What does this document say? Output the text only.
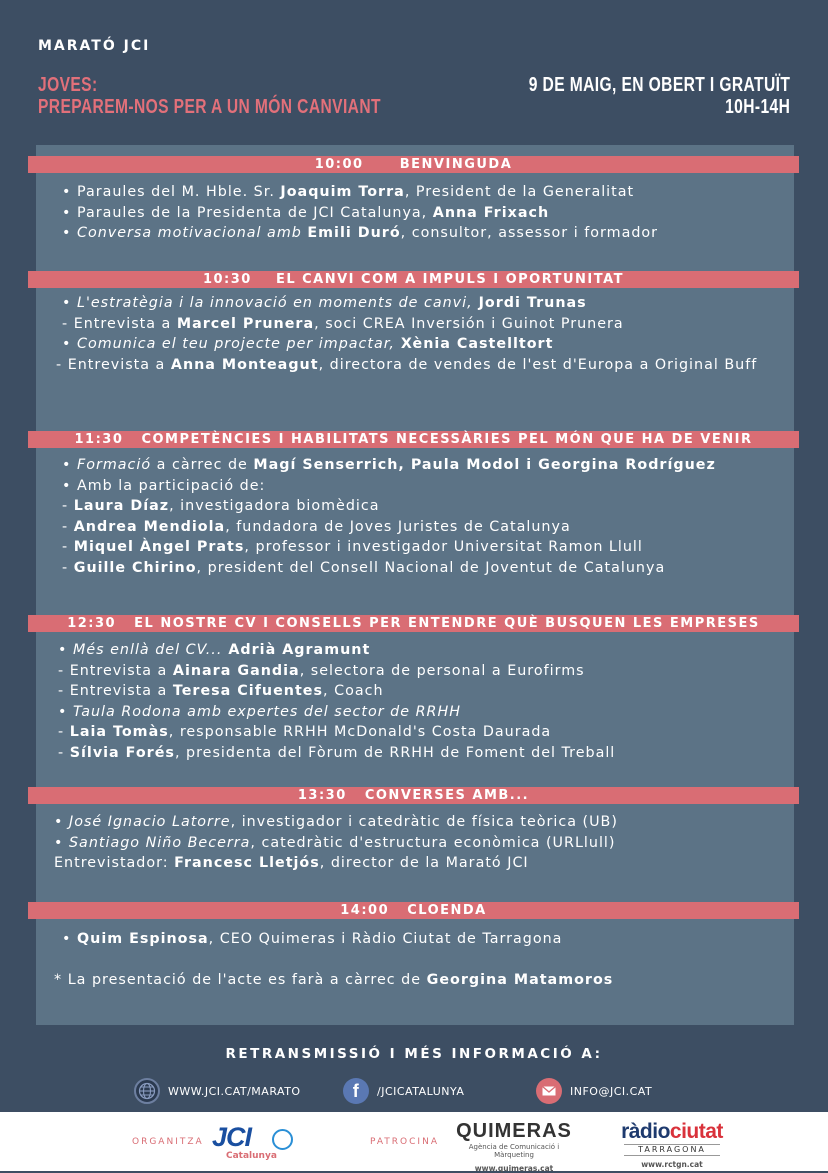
MARATÓ JCI
JOVES:
PREPAREM-NOS PER A UN MÓN CANVIANT
9 DE MAIG, EN OBERT I GRATUÏT
10H-14H
10:00	BENVINGUDA

• Paraules del M. Hble. Sr. Joaquim Torra, President de la Generalitat

• Paraules de la Presidenta de JCI Catalunya, Anna Frixach

• Conversa motivacional amb Emili Duró, consultor, assessor i formador

10:30 EL CANVI COM A IMPULS I OPORTUNITAT

• L'estratègia i la innovació en moments de canvi, Jordi Trunas

- Entrevista a Marcel Prunera, soci CREA Inversión i Guinot Prunera

• Comunica el teu projecte per impactar, Xènia Castelltort

- Entrevista a Anna Monteagut, directora de vendes de l'est d'Europa a Original Buff

11:30 COMPETÈNCIES I HABILITATS NECESSÀRIES PEL MÓN QUE HA DE VENIR

• Formació a càrrec de Magí Senserrich, Paula Modol i Georgina Rodríguez

• Amb la participació de:

- Laura Díaz, investigadora biomèdica

- Andrea Mendiola, fundadora de Joves Juristes de Catalunya

- Miquel Àngel Prats, professor i investigador Universitat Ramon Llull

- Guille Chirino, president del Consell Nacional de Joventut de Catalunya

12:30 EL NOSTRE CV I CONSELLS PER ENTENDRE QUÈ BUSQUEN LES EMPRESES

• Més enllà del CV... Adrià Agramunt

- Entrevista a Ainara Gandia, selectora de personal a Eurofirms

- Entrevista a Teresa Cifuentes, Coach

• Taula Rodona amb expertes del sector de RRHH

- Laia Tomàs, responsable RRHH McDonald's Costa Daurada

- Sílvia Forés, presidenta del Fòrum de RRHH de Foment del Treball

13:30 CONVERSES AMB...

• José Ignacio Latorre, investigador i catedràtic de física teòrica (UB)

• Santiago Niño Becerra, catedràtic d'estructura econòmica (URLlull)

Entrevistador: Francesc Lletjós, director de la Marató JCI

14:00 CLOENDA

• Quim Espinosa, CEO Quimeras i Ràdio Ciutat de Tarragona

* La presentació de l'acte es farà a càrrec de Georgina Matamoros

RETRANSMISSIÓ I MÉS INFORMACIÓ A:
WWW.JCI.CAT/MARATO	f	/JCICATALUNYA	INFO@JCI.CAT
ORGANITZA JCI
Catalunya
PATROCINA QUIMERAS
Agència de Comunicació i Màrqueting
www.quimeras.cat
ràdiociutat
TARRAGONA
www.rctgn.cat
